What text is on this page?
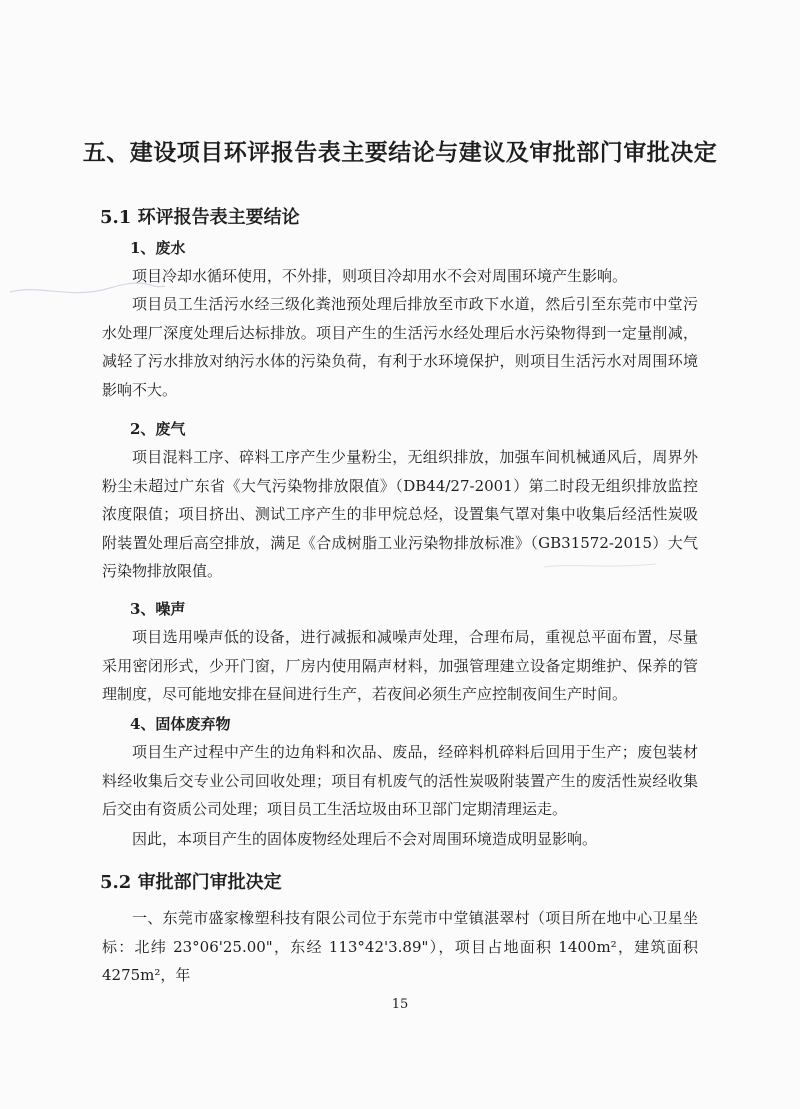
五、建设项目环评报告表主要结论与建议及审批部门审批决定
5.1 环评报告表主要结论
1、废水

项目冷却水循环使用，不外排，则项目冷却用水不会对周围环境产生影响。

项目员工生活污水经三级化粪池预处理后排放至市政下水道，然后引至东莞市中堂污水处理厂深度处理后达标排放。项目产生的生活污水经处理后水污染物得到一定量削减，减轻了污水排放对纳污水体的污染负荷，有利于水环境保护，则项目生活污水对周围环境影响不大。

2、废气

项目混料工序、碎料工序产生少量粉尘，无组织排放，加强车间机械通风后，周界外粉尘未超过广东省《大气污染物排放限值》（DB44/27-2001）第二时段无组织排放监控浓度限值；项目挤出、测试工序产生的非甲烷总烃，设置集气罩对集中收集后经活性炭吸附装置处理后高空排放，满足《合成树脂工业污染物排放标准》（GB31572-2015）大气污染物排放限值。

3、噪声

项目选用噪声低的设备，进行减振和减噪声处理，合理布局，重视总平面布置，尽量采用密闭形式，少开门窗，厂房内使用隔声材料，加强管理建立设备定期维护、保养的管理制度，尽可能地安排在昼间进行生产，若夜间必须生产应控制夜间生产时间。

4、固体废弃物

项目生产过程中产生的边角料和次品、废品，经碎料机碎料后回用于生产；废包装材料经收集后交专业公司回收处理；项目有机废气的活性炭吸附装置产生的废活性炭经收集后交由有资质公司处理；项目员工生活垃圾由环卫部门定期清理运走。

因此，本项目产生的固体废物经处理后不会对周围环境造成明显影响。

5.2 审批部门审批决定

一、东莞市盛家橡塑科技有限公司位于东莞市中堂镇湛翠村（项目所在地中心卫星坐标：北纬 23°06'25.00"，东经 113°42'3.89"），项目占地面积 1400m²，建筑面积 4275m²，年

15
